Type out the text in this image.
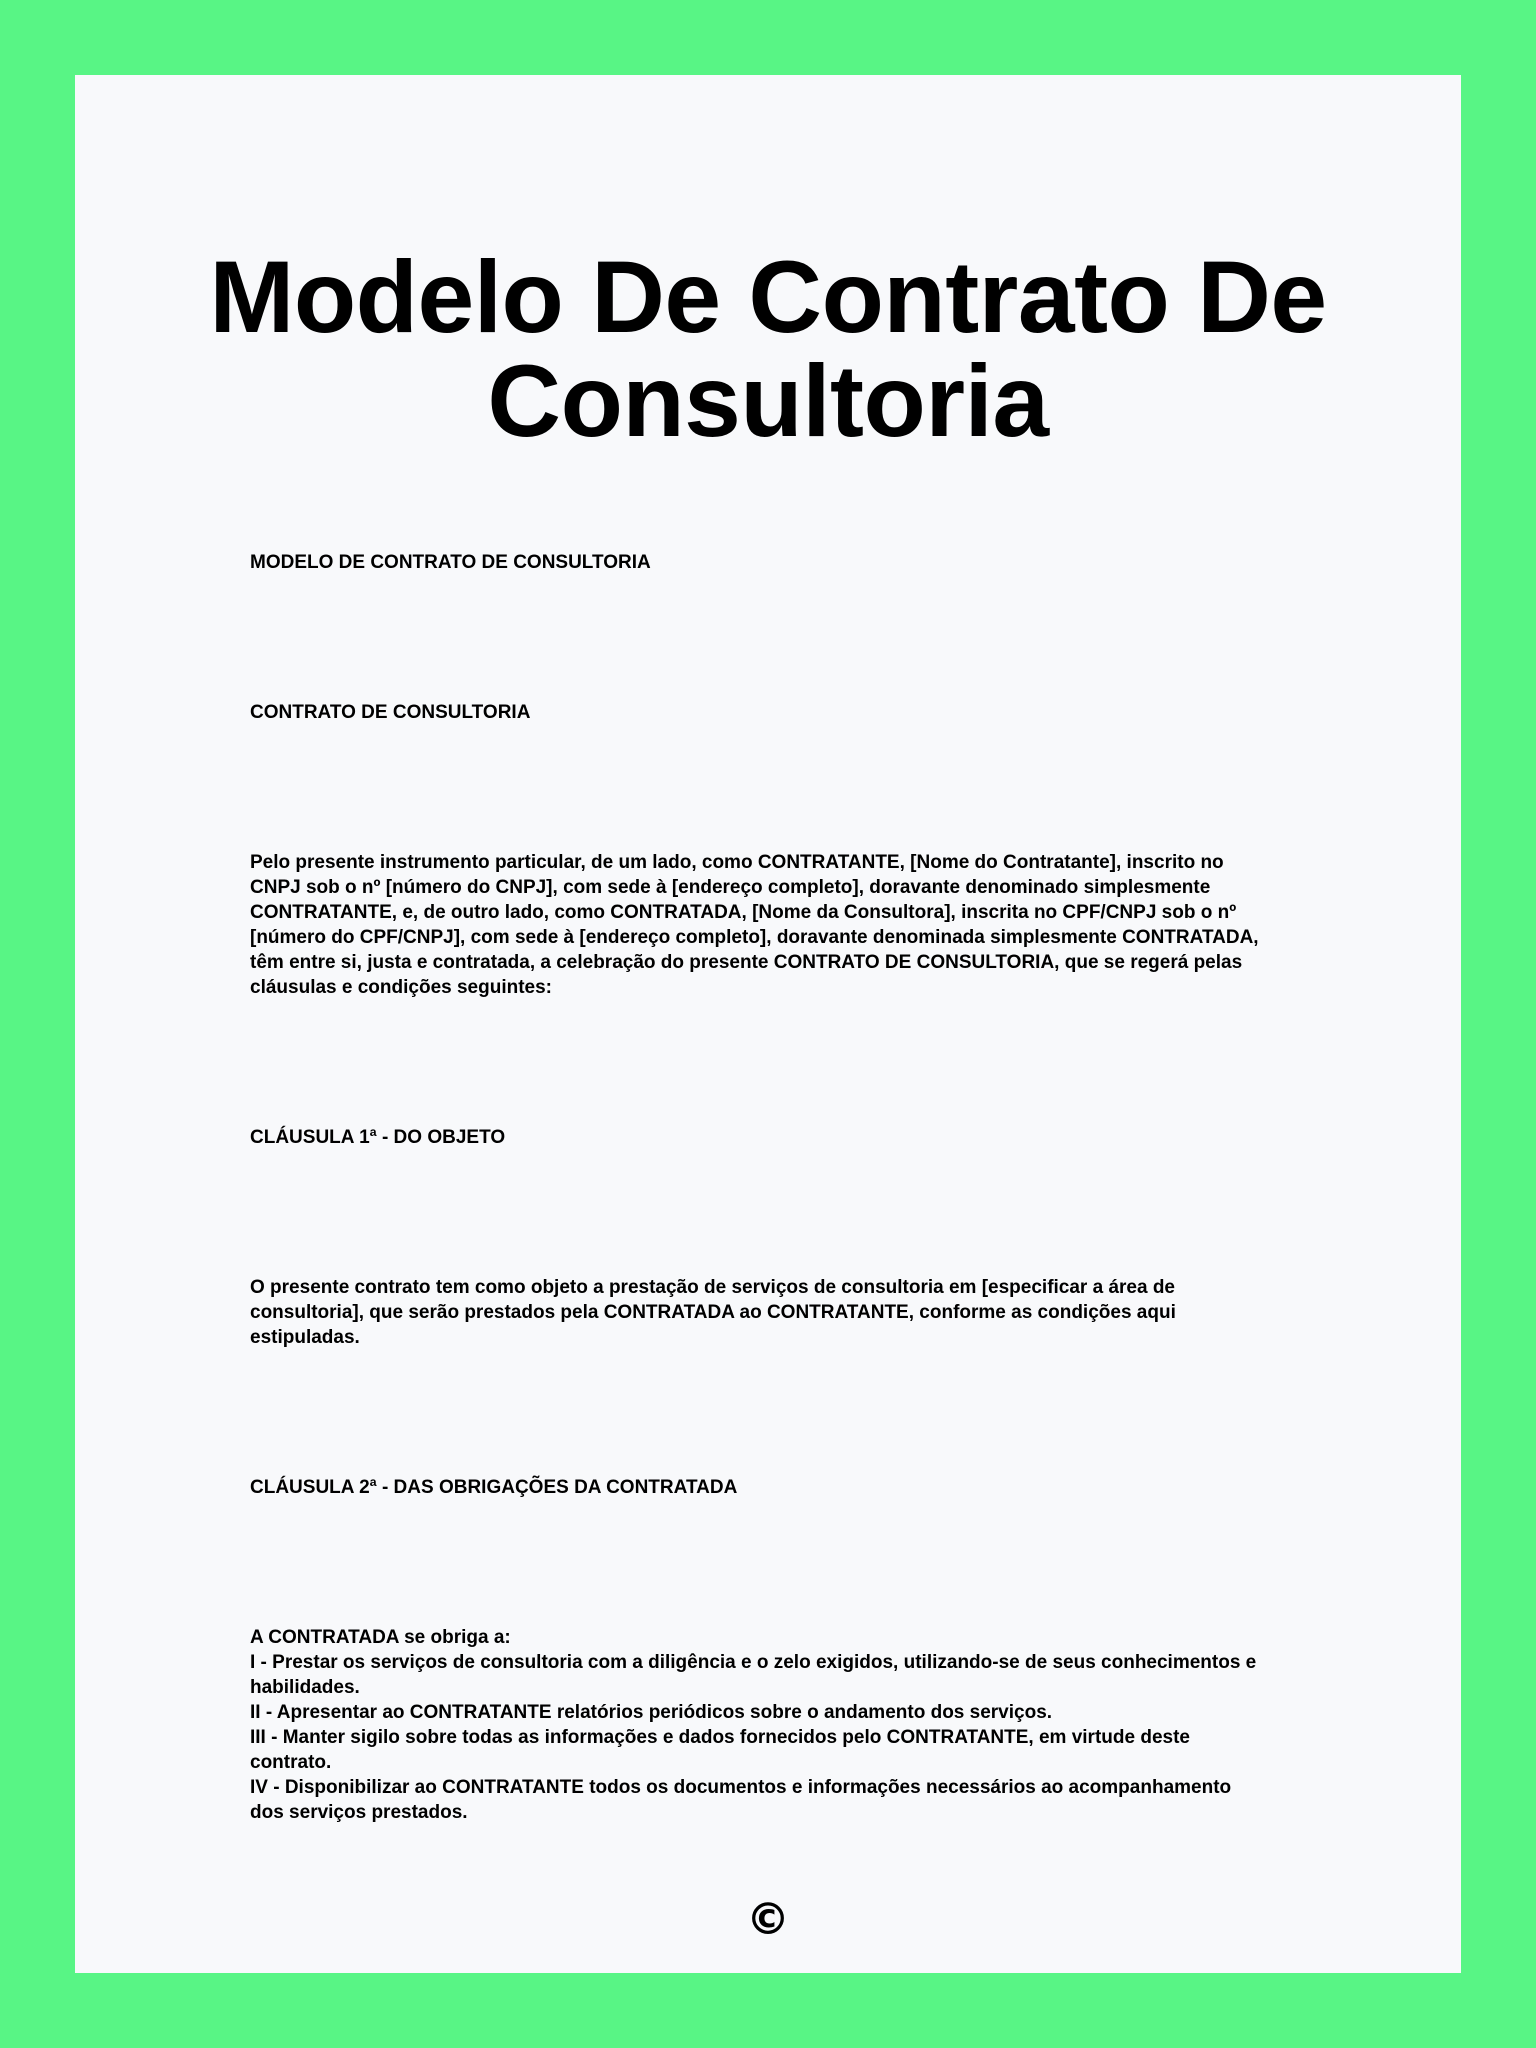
Modelo De Contrato De Consultoria

MODELO DE CONTRATO DE CONSULTORIA

CONTRATO DE CONSULTORIA

Pelo presente instrumento particular, de um lado, como CONTRATANTE, [Nome do Contratante], inscrito no CNPJ sob o nº [número do CNPJ], com sede à [endereço completo], doravante denominado simplesmente CONTRATANTE, e, de outro lado, como CONTRATADA, [Nome da Consultora], inscrita no CPF/CNPJ sob o nº [número do CPF/CNPJ], com sede à [endereço completo], doravante denominada simplesmente CONTRATADA, têm entre si, justa e contratada, a celebração do presente CONTRATO DE CONSULTORIA, que se regerá pelas cláusulas e condições seguintes:

CLÁUSULA 1ª - DO OBJETO

O presente contrato tem como objeto a prestação de serviços de consultoria em [especificar a área de consultoria], que serão prestados pela CONTRATADA ao CONTRATANTE, conforme as condições aqui estipuladas.

CLÁUSULA 2ª - DAS OBRIGAÇÕES DA CONTRATADA

A CONTRATADA se obriga a:
I - Prestar os serviços de consultoria com a diligência e o zelo exigidos, utilizando-se de seus conhecimentos e habilidades.
II - Apresentar ao CONTRATANTE relatórios periódicos sobre o andamento dos serviços.
III - Manter sigilo sobre todas as informações e dados fornecidos pelo CONTRATANTE, em virtude deste contrato.
IV - Disponibilizar ao CONTRATANTE todos os documentos e informações necessários ao acompanhamento dos serviços prestados.

©
